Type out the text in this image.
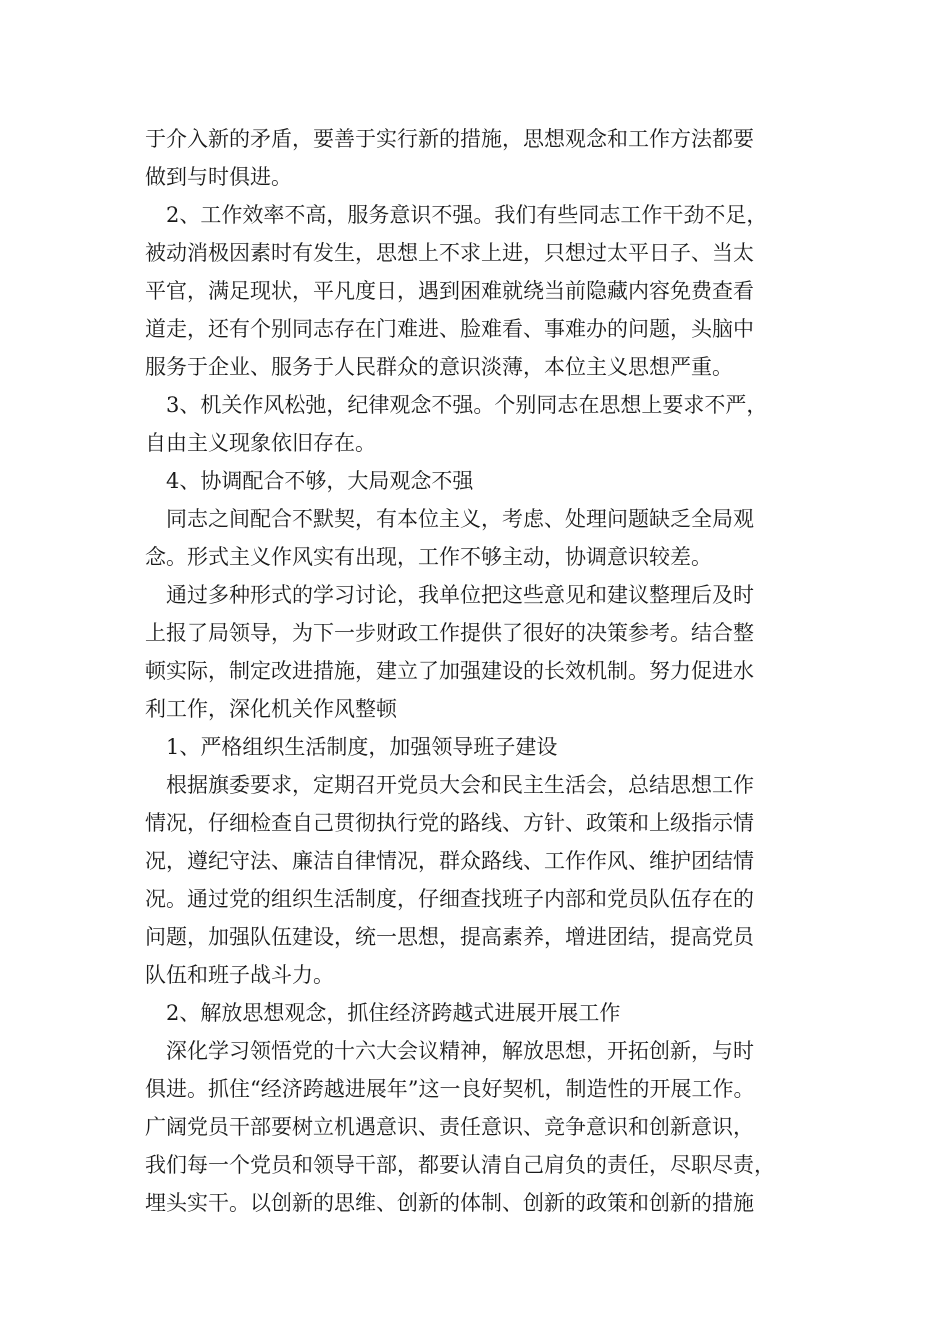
于介入新的矛盾，要善于实行新的措施，思想观念和工作方法都要
做到与时俱进。
2、工作效率不高，服务意识不强。我们有些同志工作干劲不足，
被动消极因素时有发生，思想上不求上进，只想过太平日子、当太
平官，满足现状，平凡度日，遇到困难就绕当前隐藏内容免费查看
道走，还有个别同志存在门难进、脸难看、事难办的问题，头脑中
服务于企业、服务于人民群众的意识淡薄，本位主义思想严重。
3、机关作风松弛，纪律观念不强。个别同志在思想上要求不严，
自由主义现象依旧存在。
4、协调配合不够，大局观念不强
同志之间配合不默契，有本位主义，考虑、处理问题缺乏全局观
念。形式主义作风实有出现，工作不够主动，协调意识较差。
通过多种形式的学习讨论，我单位把这些意见和建议整理后及时
上报了局领导，为下一步财政工作提供了很好的决策参考。结合整
顿实际，制定改进措施，建立了加强建设的长效机制。努力促进水
利工作，深化机关作风整顿
1、严格组织生活制度，加强领导班子建设
根据旗委要求，定期召开党员大会和民主生活会，总结思想工作
情况，仔细检查自己贯彻执行党的路线、方针、政策和上级指示情
况，遵纪守法、廉洁自律情况，群众路线、工作作风、维护团结情
况。通过党的组织生活制度，仔细查找班子内部和党员队伍存在的
问题，加强队伍建设，统一思想，提高素养，增进团结，提高党员
队伍和班子战斗力。
2、解放思想观念，抓住经济跨越式进展开展工作
深化学习领悟党的十六大会议精神，解放思想，开拓创新，与时
俱进。抓住“经济跨越进展年”这一良好契机，制造性的开展工作。
广阔党员干部要树立机遇意识、责任意识、竞争意识和创新意识，
我们每一个党员和领导干部，都要认清自己肩负的责任，尽职尽责，
埋头实干。以创新的思维、创新的体制、创新的政策和创新的措施
